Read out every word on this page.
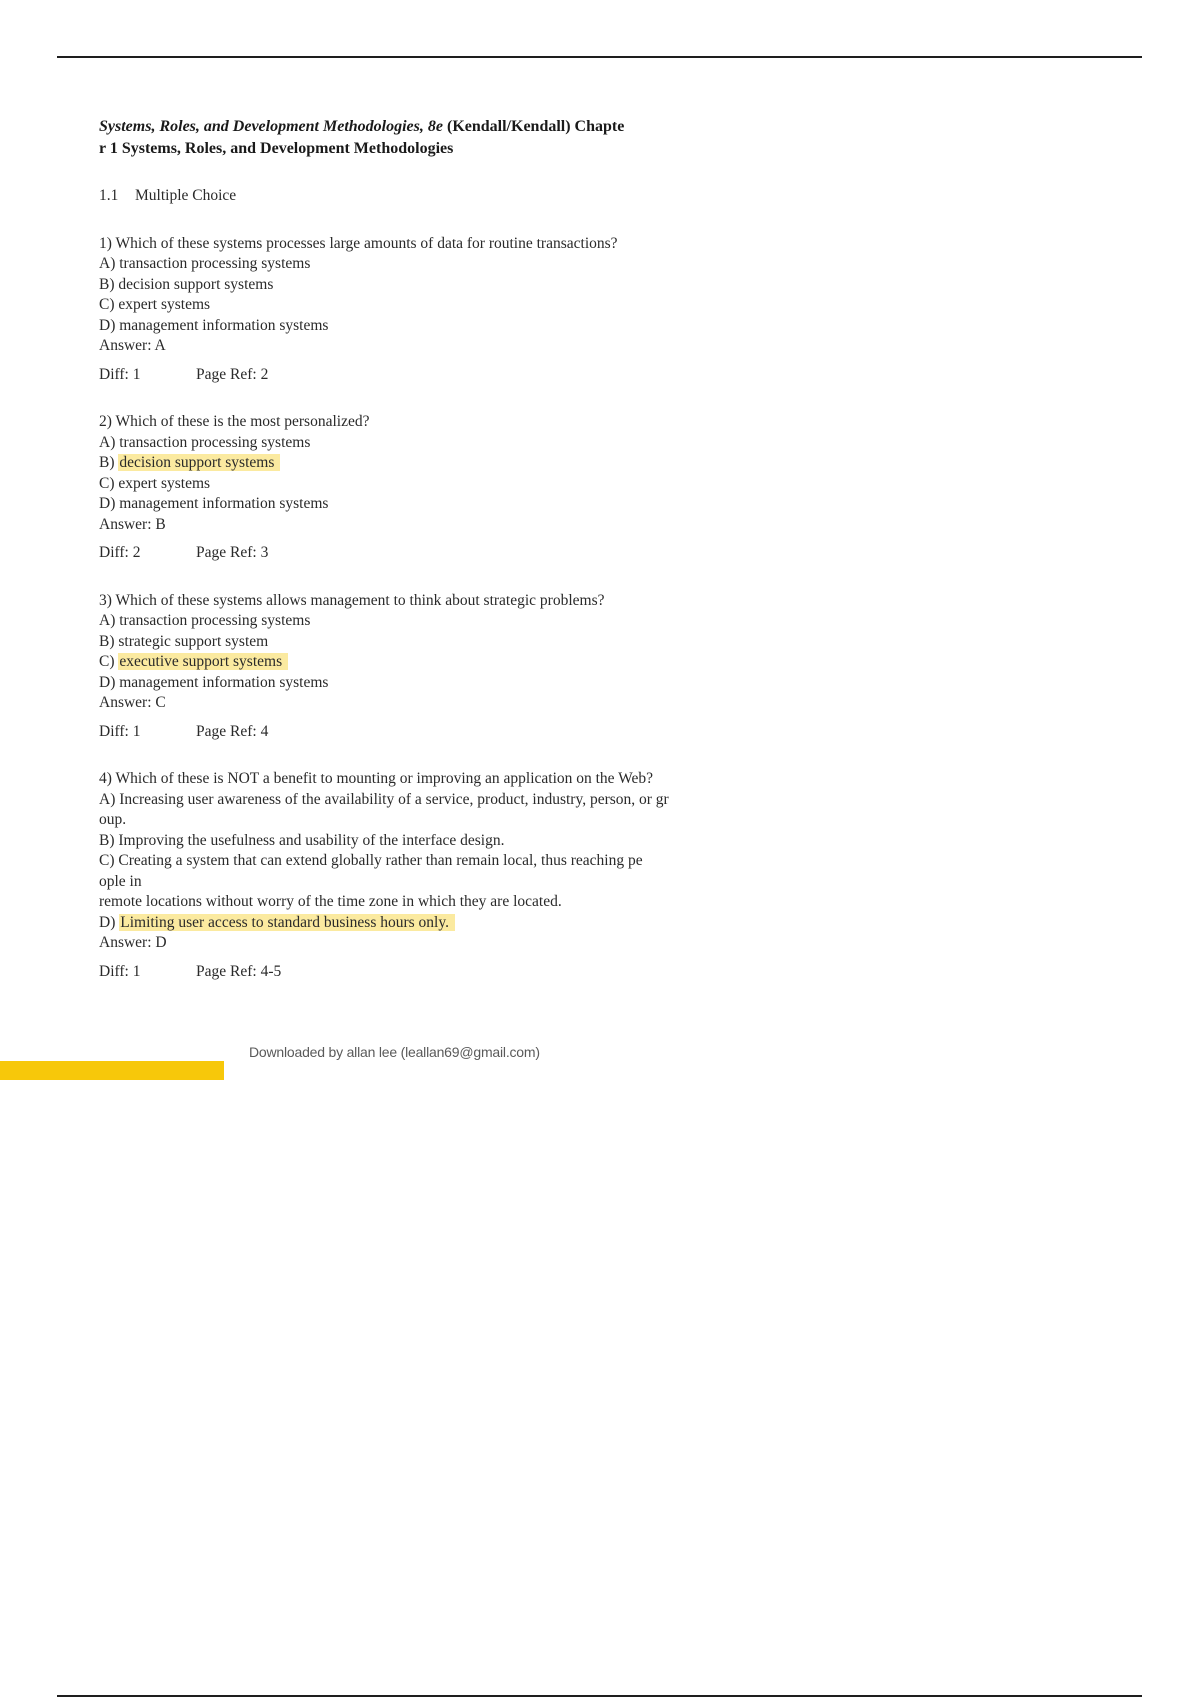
Systems, Roles, and Development Methodologies, 8e (Kendall/Kendall) Chapte
r 1 Systems, Roles, and Development Methodologies
1.1 Multiple Choice
1) Which of these systems processes large amounts of data for routine transactions?
A) transaction processing systems
B) decision support systems
C) expert systems
D) management information systems
Answer: A
Diff: 1	Page Ref: 2
2) Which of these is the most personalized?
A) transaction processing systems
B) decision support systems
C) expert systems
D) management information systems
Answer: B
Diff: 2	Page Ref: 3
3) Which of these systems allows management to think about strategic problems?
A) transaction processing systems
B) strategic support system
C) executive support systems
D) management information systems
Answer: C
Diff: 1	Page Ref: 4
4) Which of these is NOT a benefit to mounting or improving an application on the Web?
A) Increasing user awareness of the availability of a service, product, industry, person, or gr
oup.
B) Improving the usefulness and usability of the interface design.
C) Creating a system that can extend globally rather than remain local, thus reaching pe
ople in
remote locations without worry of the time zone in which they are located.
D) Limiting user access to standard business hours only.
Answer: D
Diff: 1	Page Ref: 4-5
Downloaded by allan lee (leallan69@gmail.com)
